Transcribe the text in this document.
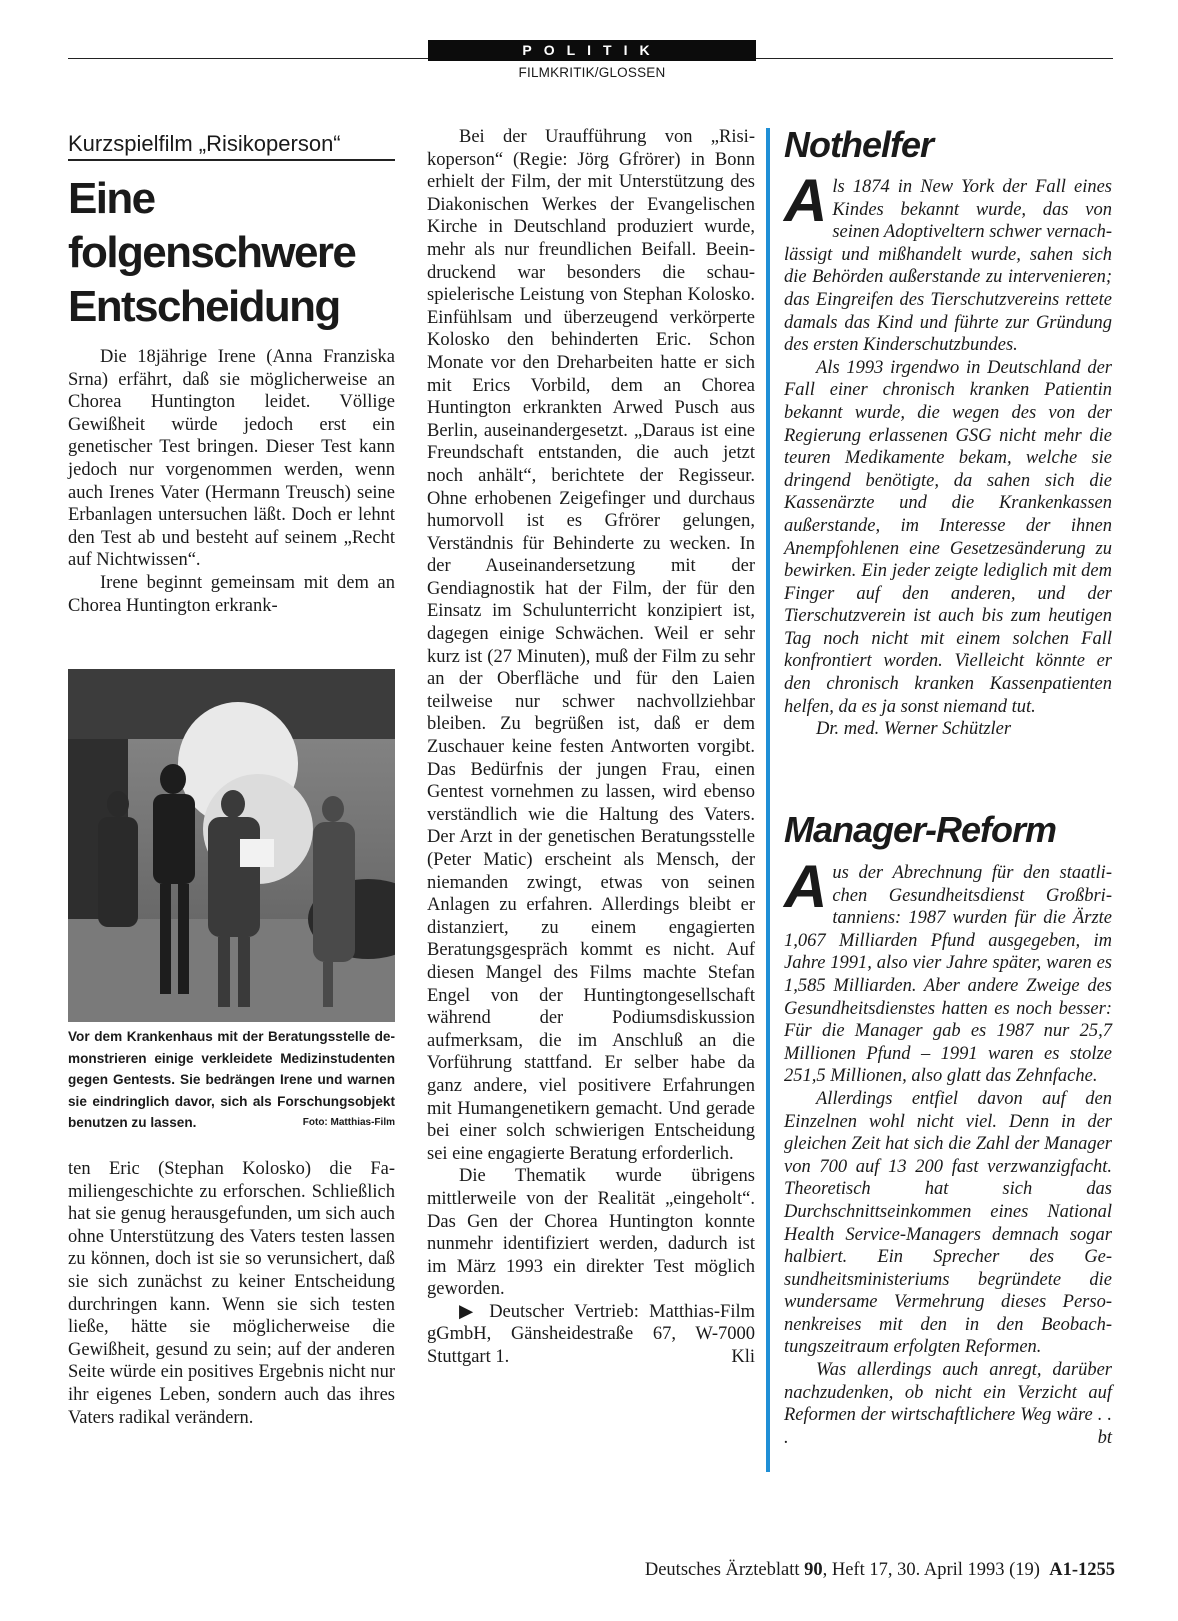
POLITIK
FILMKRITIK/GLOSSEN
Kurzspielfilm „Risikoperson“
Eine
folgenschwere
Entscheidung

Die 18jährige Irene (Anna Franziska Srna) erfährt, daß sie möglicherweise an Chorea Huntington leidet. Völlige Gewißheit würde jedoch erst ein genetischer Test bringen. Dieser Test kann jedoch nur vorgenommen werden, wenn auch Irenes Vater (Hermann Treusch) seine Erbanlagen untersuchen läßt. Doch er lehnt den Test ab und besteht auf seinem „Recht auf Nichtwissen“.

Irene beginnt gemeinsam mit dem an Chorea Huntington erkrank-

Vor dem Krankenhaus mit der Beratungsstelle demonstrieren einige verkleidete Medizinstudenten gegen Gentests. Sie bedrängen Irene und warnen sie eindringlich davor, sich als Forschungsobjekt benutzen zu lassen.	Foto: Matthias-Film

ten Eric (Stephan Kolosko) die Familiengeschichte zu erforschen. Schließlich hat sie genug herausgefunden, um sich auch ohne Unterstützung des Vaters testen lassen zu können, doch ist sie so verunsichert, daß sie sich zunächst zu keiner Entscheidung durchringen kann. Wenn sie sich testen ließe, hätte sie möglicherweise die Gewißheit, gesund zu sein; auf der anderen Seite würde ein positives Ergebnis nicht nur ihr eigenes Leben, sondern auch das ihres Vaters radikal verändern.

Bei der Uraufführung von „Risikoperson“ (Regie: Jörg Gfrörer) in Bonn erhielt der Film, der mit Unterstützung des Diakonischen Werkes der Evangelischen Kirche in Deutschland produziert wurde, mehr als nur freundlichen Beifall. Beeindruckend war besonders die schauspielerische Leistung von Stephan Kolosko. Einfühlsam und überzeugend verkörperte Kolosko den behinderten Eric. Schon Monate vor den Dreharbeiten hatte er sich mit Erics Vorbild, dem an Chorea Huntington erkrankten Arwed Pusch aus Berlin, auseinandergesetzt. „Daraus ist eine Freundschaft entstanden, die auch jetzt noch anhält“, berichtete der Regisseur. Ohne erhobenen Zeigefinger und durchaus humorvoll ist es Gfrörer gelungen, Verständnis für Behinderte zu wecken. In der Auseinandersetzung mit der Gendiagnostik hat der Film, der für den Einsatz im Schulunterricht konzipiert ist, dagegen einige Schwächen. Weil er sehr kurz ist (27 Minuten), muß der Film zu sehr an der Oberfläche und für den Laien teilweise nur schwer nachvollziehbar bleiben. Zu begrüßen ist, daß er dem Zuschauer keine festen Antworten vorgibt. Das Bedürfnis der jungen Frau, einen Gentest vornehmen zu lassen, wird ebenso verständlich wie die Haltung des Vaters. Der Arzt in der genetischen Beratungsstelle (Peter Matic) erscheint als Mensch, der niemanden zwingt, etwas von seinen Anlagen zu erfahren. Allerdings bleibt er distanziert, zu einem engagierten Beratungsgespräch kommt es nicht. Auf diesen Mangel des Films machte Stefan Engel von der Huntingtongesellschaft während der Podiumsdiskussion aufmerksam, die im Anschluß an die Vorführung stattfand. Er selber habe da ganz andere, viel positivere Erfahrungen mit Humangenetikern gemacht. Und gerade bei einer solch schwierigen Entscheidung sei eine engagierte Beratung erforderlich.

Die Thematik wurde übrigens mittlerweile von der Realität „eingeholt“. Das Gen der Chorea Huntington konnte nunmehr identifiziert werden, dadurch ist im März 1993 ein direkter Test möglich geworden.

▶ Deutscher Vertrieb: Matthias-Film gGmbH, Gänsheidestraße 67, W-7000 Stuttgart 1.	Kli

Nothelfer

Als 1874 in New York der Fall eines Kindes bekannt wurde, das von seinen Adoptiveltern schwer vernachlässigt und mißhandelt wurde, sahen sich die Behörden außerstande zu intervenieren; das Eingreifen des Tierschutzvereins rettete damals das Kind und führte zur Gründung des ersten Kinderschutzbundes.

Als 1993 irgendwo in Deutschland der Fall einer chronisch kranken Patientin bekannt wurde, die wegen des von der Regierung erlassenen GSG nicht mehr die teuren Medikamente bekam, welche sie dringend benötigte, da sahen sich die Kassenärzte und die Krankenkassen außerstande, im Interesse der ihnen Anempfohlenen eine Gesetzesänderung zu bewirken. Ein jeder zeigte lediglich mit dem Finger auf den anderen, und der Tierschutzverein ist auch bis zum heutigen Tag noch nicht mit einem solchen Fall konfrontiert worden. Vielleicht könnte er den chronisch kranken Kassenpatienten helfen, da es ja sonst niemand tut.

Dr. med. Werner Schützler

Manager-Reform

Aus der Abrechnung für den staatlichen Gesundheitsdienst Großbritanniens: 1987 wurden für die Ärzte 1,067 Milliarden Pfund ausgegeben, im Jahre 1991, also vier Jahre später, waren es 1,585 Milliarden. Aber andere Zweige des Gesundheitsdienstes hatten es noch besser: Für die Manager gab es 1987 nur 25,7 Millionen Pfund – 1991 waren es stolze 251,5 Millionen, also glatt das Zehnfache.

Allerdings entfiel davon auf den Einzelnen wohl nicht viel. Denn in der gleichen Zeit hat sich die Zahl der Manager von 700 auf 13 200 fast verzwanzigfacht. Theoretisch hat sich das Durchschnittseinkommen eines National Health Service-Managers demnach sogar halbiert. Ein Sprecher des Gesundheitsministeriums begründete die wundersame Vermehrung dieses Personenkreises mit den in den Beobachtungszeitraum erfolgten Reformen.

Was allerdings auch anregt, darüber nachzudenken, ob nicht ein Verzicht auf Reformen der wirtschaftlichere Weg wäre . . .	bt

Deutsches Ärzteblatt 90, Heft 17, 30. April 1993 (19) A1-1255
